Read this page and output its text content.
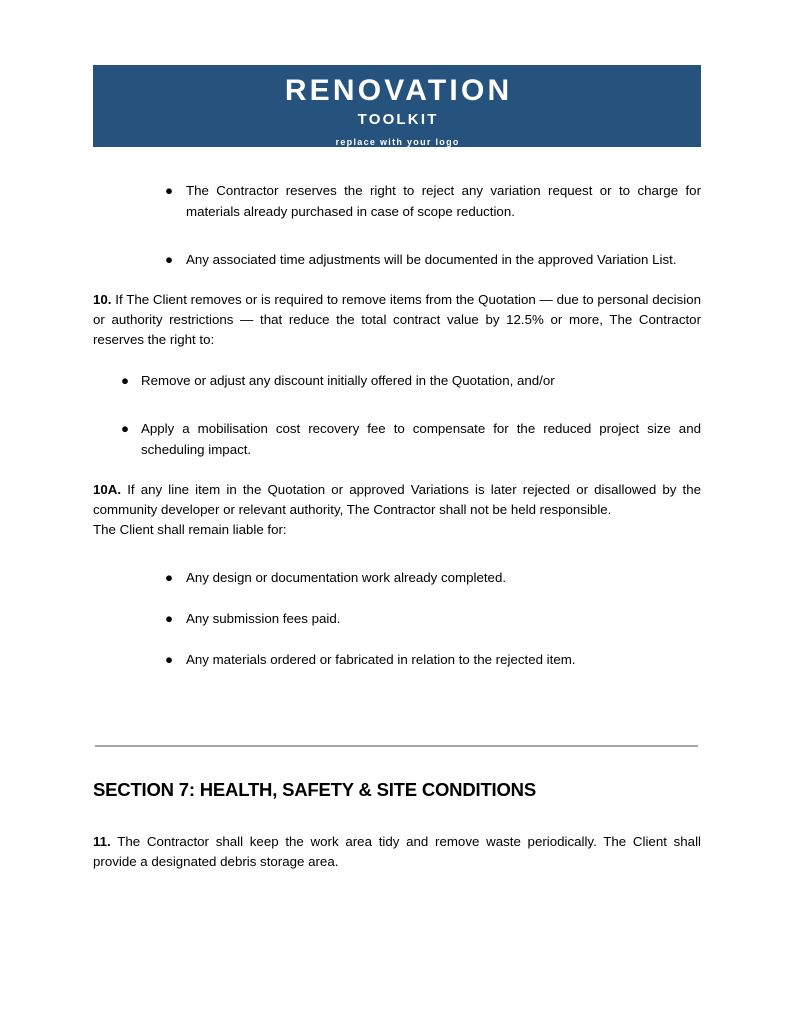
RENOVATION
TOOLKIT
replace with your logo
● The Contractor reserves the right to reject any variation request or to charge for materials already purchased in case of scope reduction.
● Any associated time adjustments will be documented in the approved Variation List.

10. If The Client removes or is required to remove items from the Quotation — due to personal decision or authority restrictions — that reduce the total contract value by 12.5% or more, The Contractor reserves the right to:

● Remove or adjust any discount initially offered in the Quotation, and/or
● Apply a mobilisation cost recovery fee to compensate for the reduced project size and scheduling impact.

10A. If any line item in the Quotation or approved Variations is later rejected or disallowed by the community developer or relevant authority, The Contractor shall not be held responsible.

The Client shall remain liable for:

● Any design or documentation work already completed.
● Any submission fees paid.
● Any materials ordered or fabricated in relation to the rejected item.
SECTION 7: HEALTH, SAFETY & SITE CONDITIONS

11. The Contractor shall keep the work area tidy and remove waste periodically. The Client shall provide a designated debris storage area.
